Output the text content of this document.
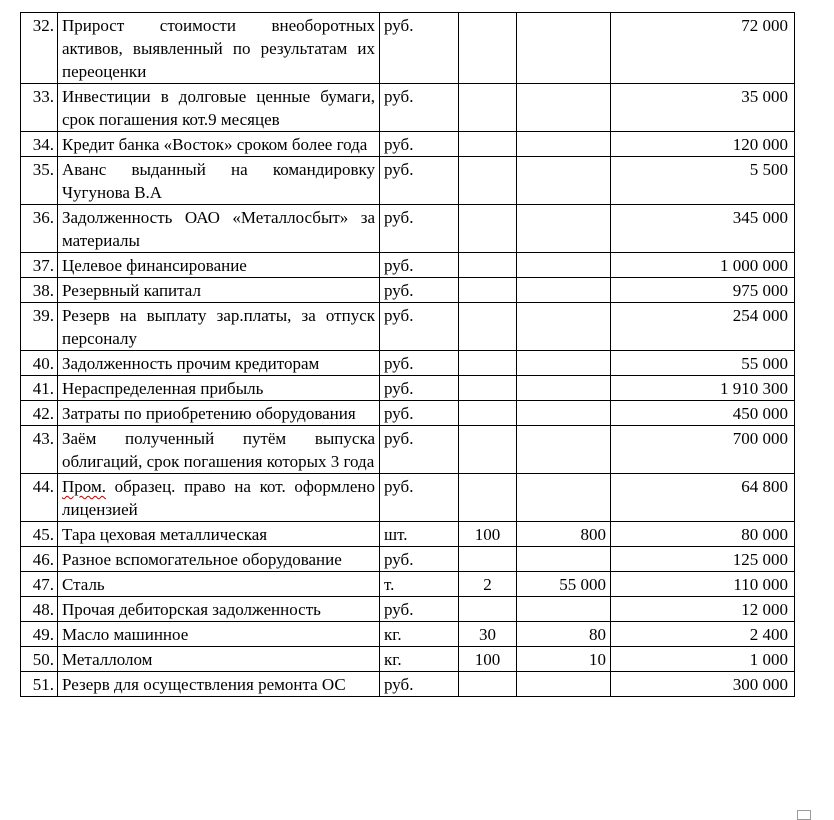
32.	Прирост стоимости внеоборотных активов, выявленный по результатам их переоценки	руб.			72 000
33.	Инвестиции в долговые ценные бумаги, срок погашения кот.9 месяцев	руб.			35 000
34.	Кредит банка «Восток» сроком более года	руб.			120 000
35.	Аванс выданный на командировку Чугунова В.А	руб.			5 500
36.	Задолженность ОАО «Металлосбыт» за материалы	руб.			345 000
37.	Целевое финансирование	руб.			1 000 000
38.	Резервный капитал	руб.			975 000
39.	Резерв на выплату зар.платы, за отпуск персоналу	руб.			254 000
40.	Задолженность прочим кредиторам	руб.			55 000
41.	Нераспределенная прибыль	руб.			1 910 300
42.	Затраты по приобретению оборудования	руб.			450 000
43.	Заём полученный путём выпуска облигаций, срок погашения которых 3 года	руб.			700 000
44.	Пром. образец. право на кот. оформлено лицензией	руб.			64 800
45.	Тара цеховая металлическая	шт.	100	800	80 000
46.	Разное вспомогательное оборудование	руб.			125 000
47.	Сталь	т.	2	55 000	110 000
48.	Прочая дебиторская задолженность	руб.			12 000
49.	Масло машинное	кг.	30	80	2 400
50.	Металлолом	кг.	100	10	1 000
51.	Резерв для осуществления ремонта ОС	руб.			300 000
